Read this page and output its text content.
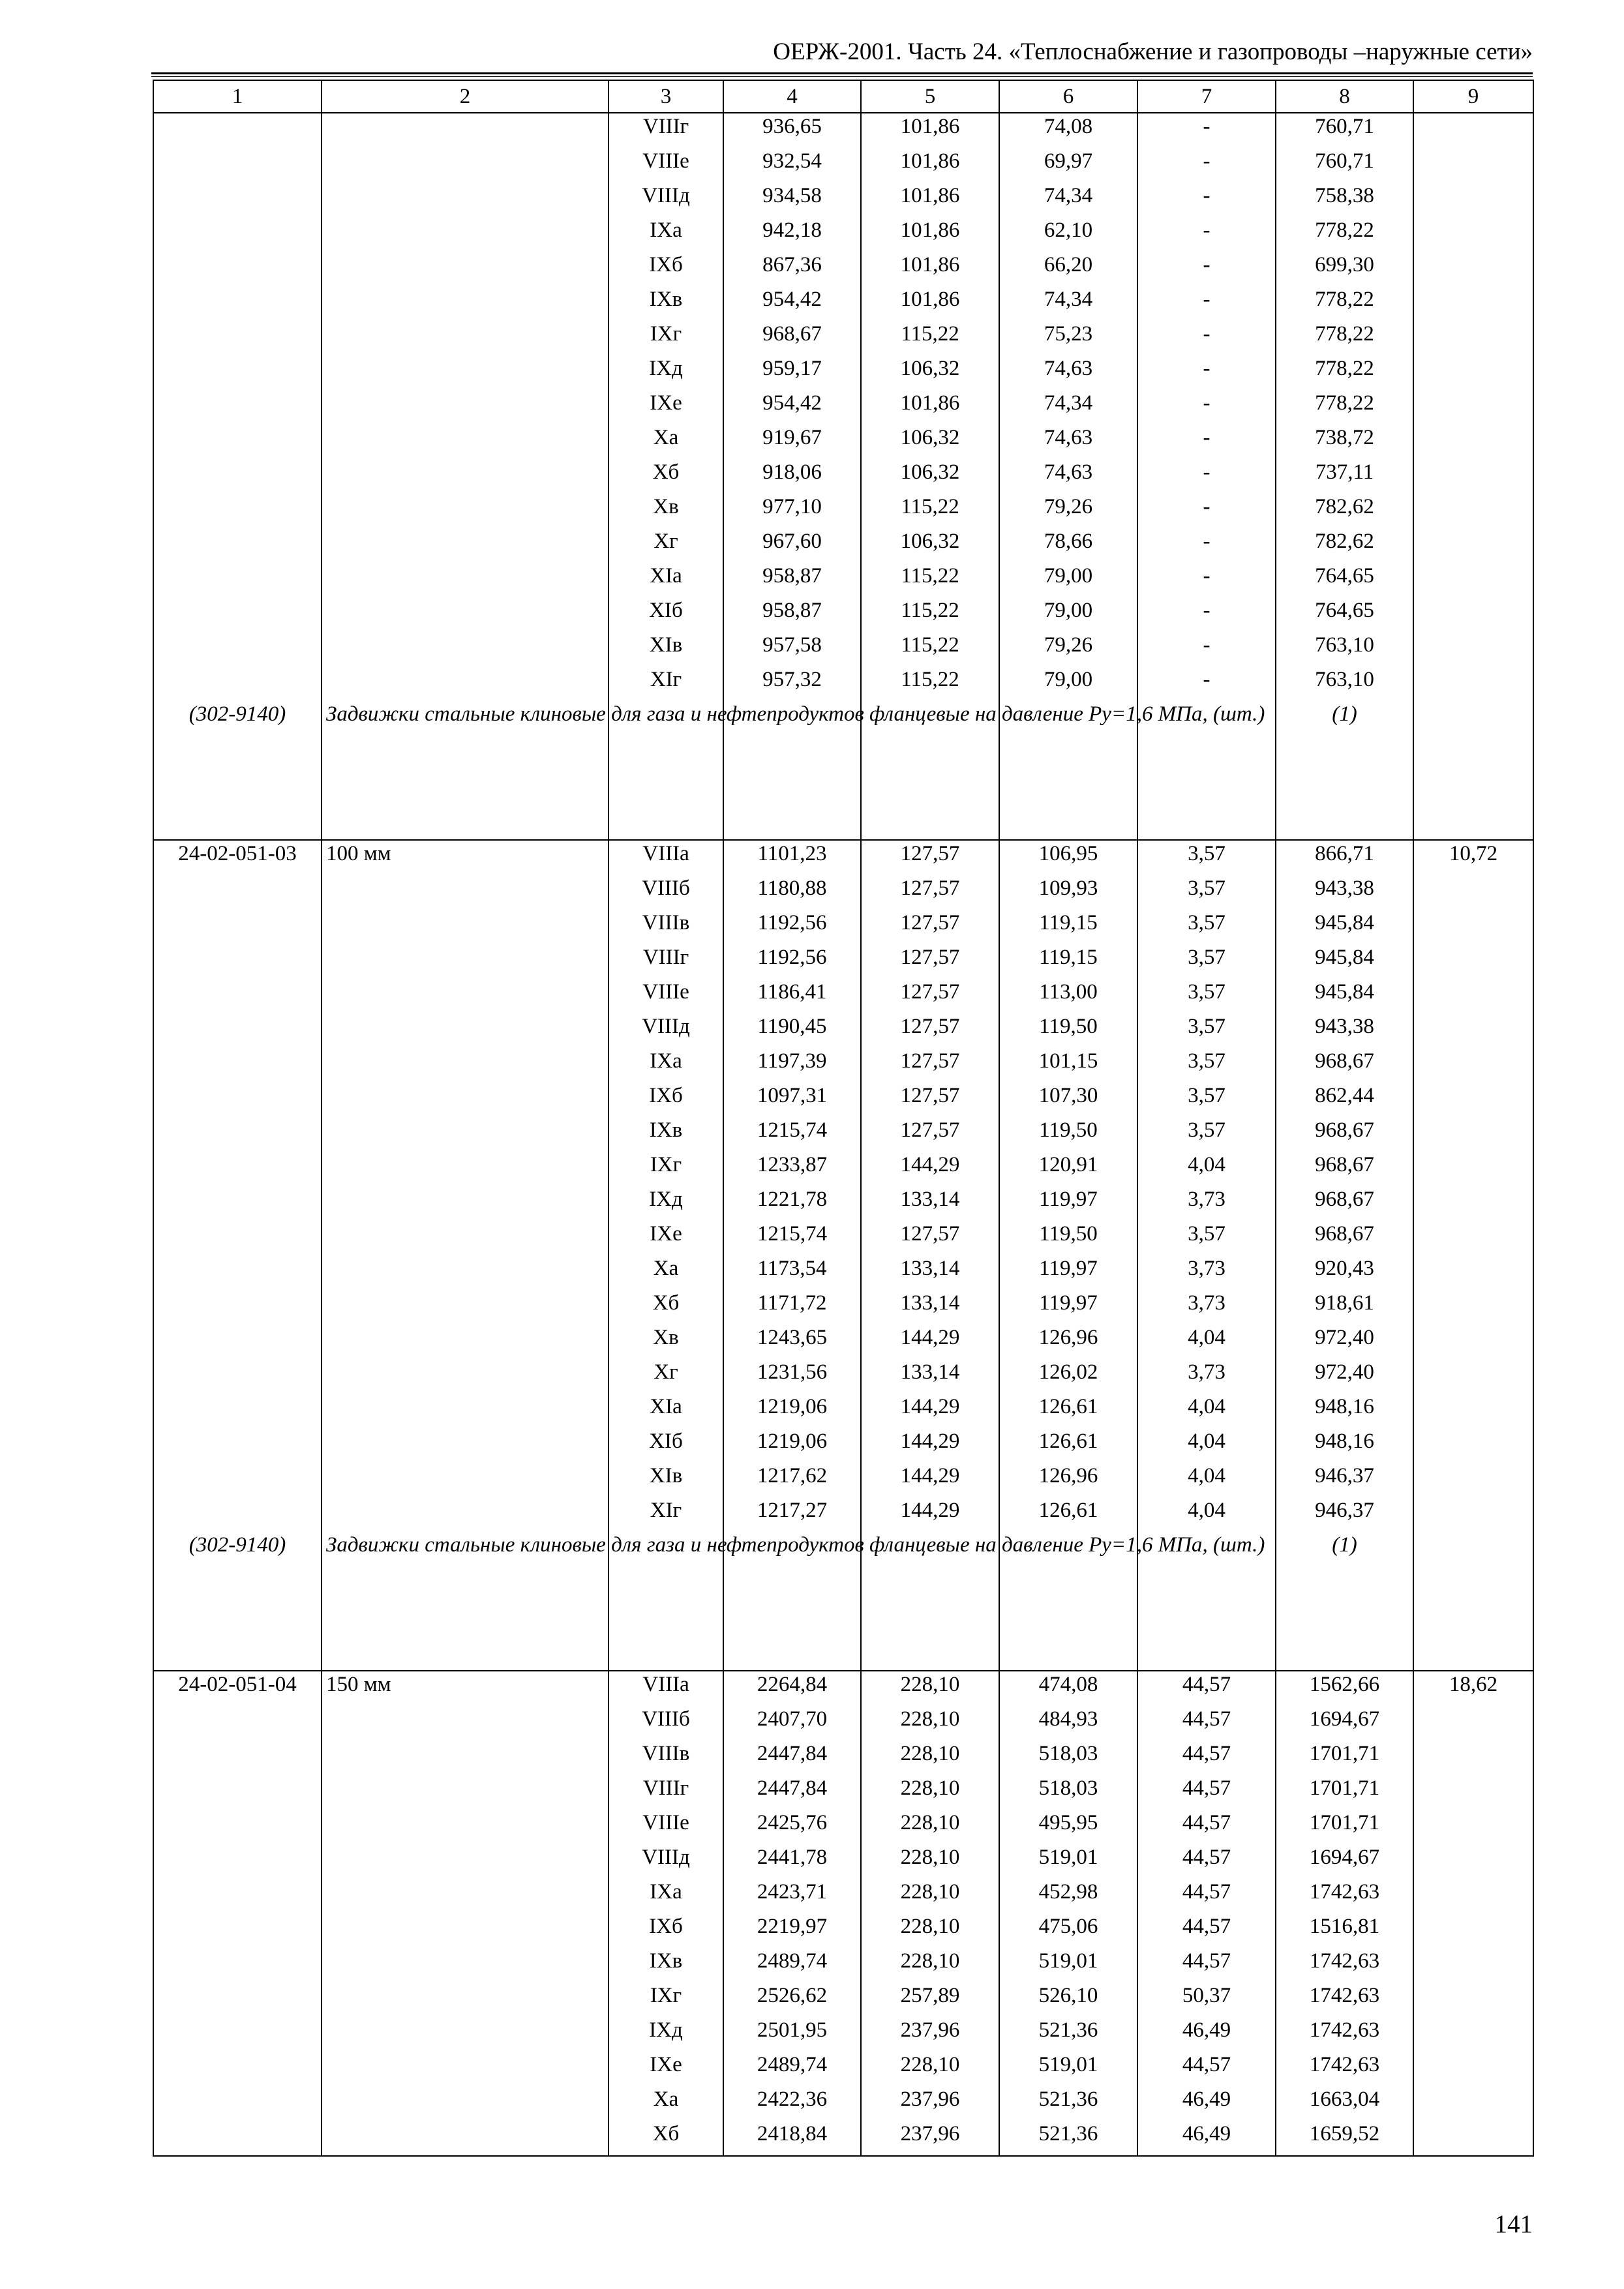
ОЕРЖ-2001. Часть 24. «Теплоснабжение и газопроводы –наружные сети»
1	2	3	4	5	6	7	8	9
		VIIIг	936,65	101,86	74,08	-	760,71	
		VIIIе	932,54	101,86	69,97	-	760,71	
		VIIIд	934,58	101,86	74,34	-	758,38	
		IXа	942,18	101,86	62,10	-	778,22	
		IXб	867,36	101,86	66,20	-	699,30	
		IXв	954,42	101,86	74,34	-	778,22	
		IXг	968,67	115,22	75,23	-	778,22	
		IXд	959,17	106,32	74,63	-	778,22	
		IXе	954,42	101,86	74,34	-	778,22	
		Xа	919,67	106,32	74,63	-	738,72	
		Xб	918,06	106,32	74,63	-	737,11	
		Xв	977,10	115,22	79,26	-	782,62	
		Xг	967,60	106,32	78,66	-	782,62	
		XIа	958,87	115,22	79,00	-	764,65	
		XIб	958,87	115,22	79,00	-	764,65	
		XIв	957,58	115,22	79,26	-	763,10	
		XIг	957,32	115,22	79,00	-	763,10	
(302-9140)	Задвижки стальные клиновые для газа и нефтепродуктов фланцевые на давление Ру=1,6 МПа, (шт.)						(1)	
24-02-051-03	100 мм	VIIIа	1101,23	127,57	106,95	3,57	866,71	10,72
		VIIIб	1180,88	127,57	109,93	3,57	943,38	
		VIIIв	1192,56	127,57	119,15	3,57	945,84	
		VIIIг	1192,56	127,57	119,15	3,57	945,84	
		VIIIе	1186,41	127,57	113,00	3,57	945,84	
		VIIIд	1190,45	127,57	119,50	3,57	943,38	
		IXа	1197,39	127,57	101,15	3,57	968,67	
		IXб	1097,31	127,57	107,30	3,57	862,44	
		IXв	1215,74	127,57	119,50	3,57	968,67	
		IXг	1233,87	144,29	120,91	4,04	968,67	
		IXд	1221,78	133,14	119,97	3,73	968,67	
		IXе	1215,74	127,57	119,50	3,57	968,67	
		Xа	1173,54	133,14	119,97	3,73	920,43	
		Xб	1171,72	133,14	119,97	3,73	918,61	
		Xв	1243,65	144,29	126,96	4,04	972,40	
		Xг	1231,56	133,14	126,02	3,73	972,40	
		XIа	1219,06	144,29	126,61	4,04	948,16	
		XIб	1219,06	144,29	126,61	4,04	948,16	
		XIв	1217,62	144,29	126,96	4,04	946,37	
		XIг	1217,27	144,29	126,61	4,04	946,37	
(302-9140)	Задвижки стальные клиновые для газа и нефтепродуктов фланцевые на давление Ру=1,6 МПа, (шт.)						(1)	
24-02-051-04	150 мм	VIIIа	2264,84	228,10	474,08	44,57	1562,66	18,62
		VIIIб	2407,70	228,10	484,93	44,57	1694,67	
		VIIIв	2447,84	228,10	518,03	44,57	1701,71	
		VIIIг	2447,84	228,10	518,03	44,57	1701,71	
		VIIIе	2425,76	228,10	495,95	44,57	1701,71	
		VIIIд	2441,78	228,10	519,01	44,57	1694,67	
		IXа	2423,71	228,10	452,98	44,57	1742,63	
		IXб	2219,97	228,10	475,06	44,57	1516,81	
		IXв	2489,74	228,10	519,01	44,57	1742,63	
		IXг	2526,62	257,89	526,10	50,37	1742,63	
		IXд	2501,95	237,96	521,36	46,49	1742,63	
		IXе	2489,74	228,10	519,01	44,57	1742,63	
		Xа	2422,36	237,96	521,36	46,49	1663,04	
		Xб	2418,84	237,96	521,36	46,49	1659,52	
141
